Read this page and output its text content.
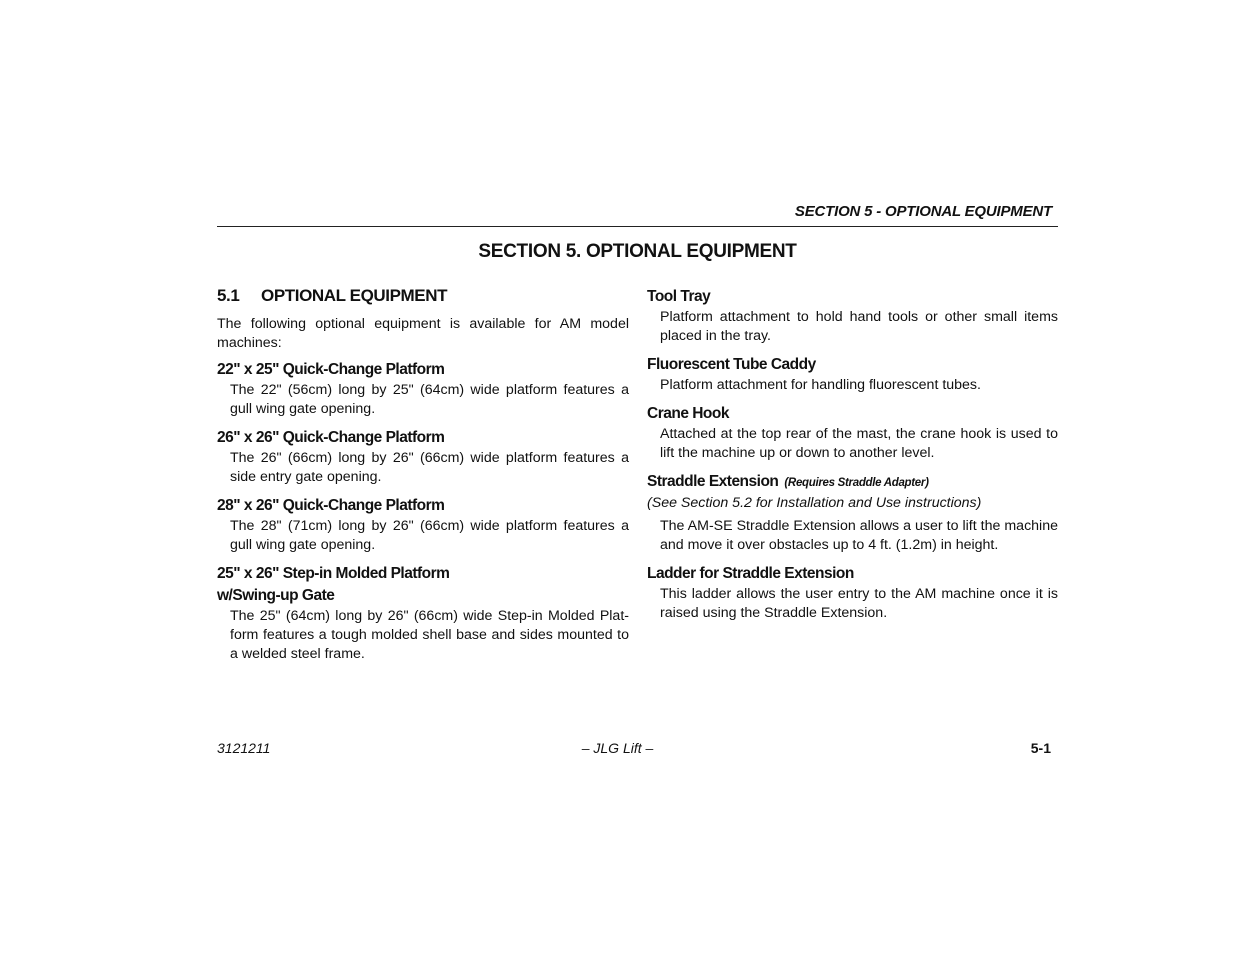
SECTION 5 - OPTIONAL EQUIPMENT
SECTION 5. OPTIONAL EQUIPMENT
5.1	OPTIONAL EQUIPMENT

The following optional equipment is available for AM model machines:

22" x 25" Quick-Change Platform

The 22" (56cm) long by 25" (64cm) wide platform features a gull wing gate opening.

26" x 26" Quick-Change Platform

The 26" (66cm) long by 26" (66cm) wide platform features a side entry gate opening.

28" x 26" Quick-Change Platform

The 28" (71cm) long by 26" (66cm) wide platform features a gull wing gate opening.

25" x 26" Step-in Molded Platform
w/Swing-up Gate

The 25" (64cm) long by 26" (66cm) wide Step-in Molded Plat-form features a tough molded shell base and sides mounted to a welded steel frame.

Tool Tray

Platform attachment to hold hand tools or other small items placed in the tray.

Fluorescent Tube Caddy

Platform attachment for handling fluorescent tubes.

Crane Hook

Attached at the top rear of the mast, the crane hook is used to lift the machine up or down to another level.

Straddle Extension (Requires Straddle Adapter)

(See Section 5.2 for Installation and Use instructions)

The AM-SE Straddle Extension allows a user to lift the machine and move it over obstacles up to 4 ft. (1.2m) in height.

Ladder for Straddle Extension

This ladder allows the user entry to the AM machine once it is raised using the Straddle Extension.

– JLG Lift –
3121211	5-1
